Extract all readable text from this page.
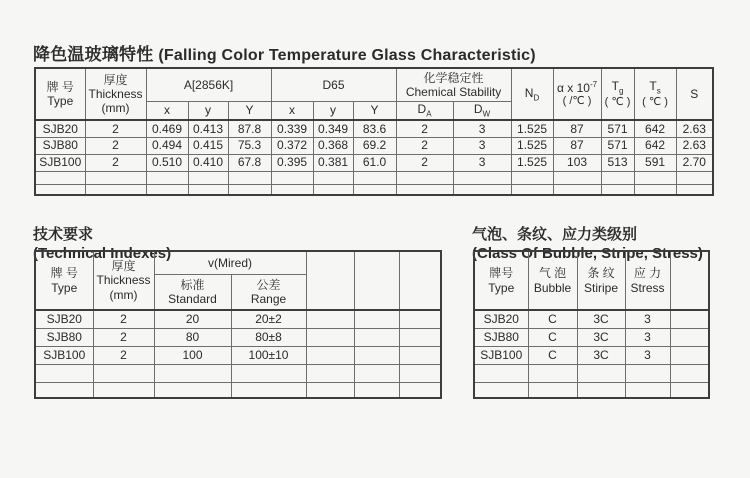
降色温玻璃特性 (Falling Color Temperature Glass Characteristic)
牌 号
Type	厚度
Thickness
(mm)	A[2856K]			D65			化学稳定性
Chemical Stability		$N_D$	α x $10^{-7}$
( /℃ )	$T_g$
( ℃ )	$T_s$
( ℃ )	S
		x	y	Y	x	y	Y	$D_A$	$D_W$
SJB20	2	0.469	0.413	87.8	0.339	0.349	83.6	2	3	1.525	87	571	642	2.63
SJB80	2	0.494	0.415	75.3	0.372	0.368	69.2	2	3	1.525	87	571	642	2.63
SJB100	2	0.510	0.410	67.8	0.395	0.381	61.0	2	3	1.525	103	513	591	2.70

技术要求

(Technical Indexes)

气泡、条纹、应力类级别

(Class Of Bubble, Stripe, Stress)

牌 号
Type	厚度
Thickness
(mm)	v(Mired)				

		标准
Standard	公差
Range			

SJB20	2	20	20±2			
SJB80	2	80	80±8			
SJB100	2	100	100±10			

牌号
Type	气 泡
Bubble	条 纹
Stiripe	应 力
Stress	

SJB20	C	3C	3	
SJB80	C	3C	3	
SJB100	C	3C	3	
